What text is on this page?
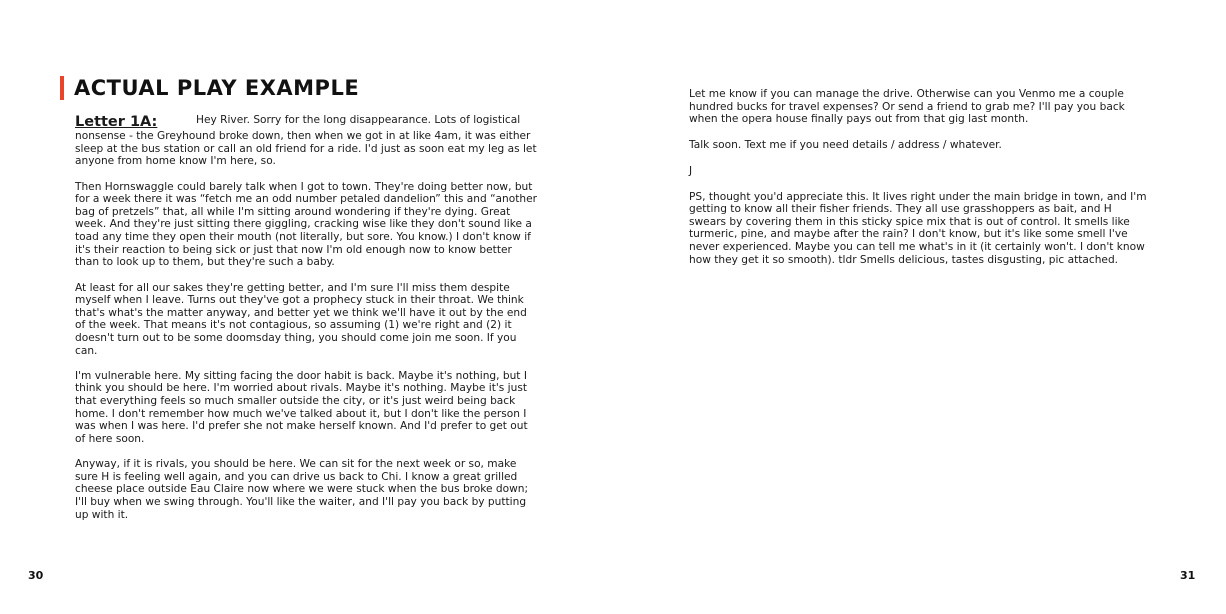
ACTUAL PLAY EXAMPLE

Letter 1A:	Hey River. Sorry for the long disappearance. Lots of logistical nonsense - the Greyhound broke down, then when we got in at like 4am, it was either sleep at the bus station or call an old friend for a ride. I'd just as soon eat my leg as let anyone from home know I'm here, so.

Then Hornswaggle could barely talk when I got to town. They're doing better now, but for a week there it was “fetch me an odd number petaled dandelion” this and “another bag of pretzels” that, all while I'm sitting around wondering if they're dying. Great week. And they're just sitting there giggling, cracking wise like they don't sound like a toad any time they open their mouth (not literally, but sore. You know.) I don't know if it's their reaction to being sick or just that now I'm old enough now to know better than to look up to them, but they're such a baby.

At least for all our sakes they're getting better, and I'm sure I'll miss them despite myself when I leave. Turns out they've got a prophecy stuck in their throat. We think that's what's the matter anyway, and better yet we think we'll have it out by the end of the week. That means it's not contagious, so assuming (1) we're right and (2) it doesn't turn out to be some doomsday thing, you should come join me soon. If you can.

I'm vulnerable here. My sitting facing the door habit is back. Maybe it's nothing, but I think you should be here. I'm worried about rivals. Maybe it's nothing. Maybe it's just that everything feels so much smaller outside the city, or it's just weird being back home. I don't remember how much we've talked about it, but I don't like the person I was when I was here. I'd prefer she not make herself known. And I'd prefer to get out of here soon.

Anyway, if it is rivals, you should be here. We can sit for the next week or so, make sure H is feeling well again, and you can drive us back to Chi. I know a great grilled cheese place outside Eau Claire now where we were stuck when the bus broke down; I'll buy when we swing through. You'll like the waiter, and I'll pay you back by putting up with it.

30

Let me know if you can manage the drive. Otherwise can you Venmo me a couple hundred bucks for travel expenses? Or send a friend to grab me? I'll pay you back when the opera house finally pays out from that gig last month.

Talk soon. Text me if you need details / address / whatever.

J

PS, thought you'd appreciate this. It lives right under the main bridge in town, and I'm getting to know all their fisher friends. They all use grasshoppers as bait, and H swears by covering them in this sticky spice mix that is out of control. It smells like turmeric, pine, and maybe after the rain? I don't know, but it's like some smell I've never experienced. Maybe you can tell me what's in it (it certainly won't. I don't know how they get it so smooth). tldr Smells delicious, tastes disgusting, pic attached.

31
